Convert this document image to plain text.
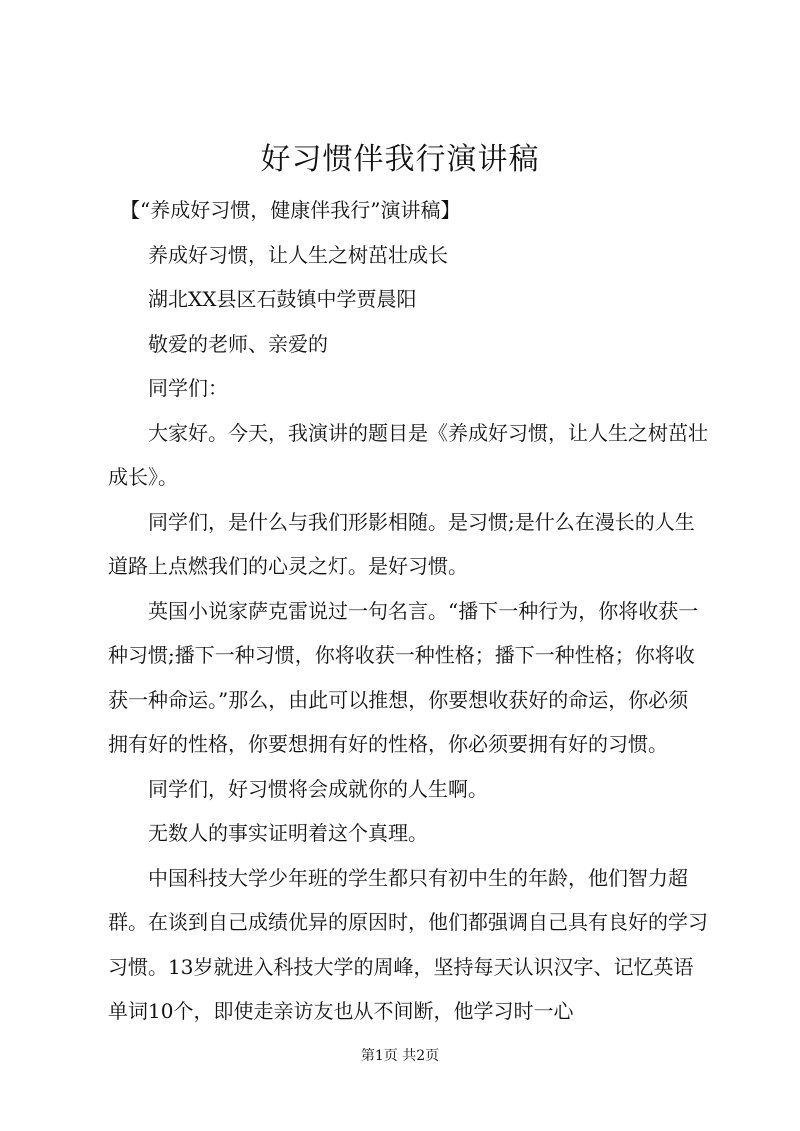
好习惯伴我行演讲稿

【“养成好习惯，健康伴我行”演讲稿】

养成好习惯，让人生之树茁壮成长

湖北XX县区石鼓镇中学贾晨阳

敬爱的老师、亲爱的

同学们：

大家好。今天，我演讲的题目是《养成好习惯，让人生之树茁壮成长》。

同学们，是什么与我们形影相随。是习惯;是什么在漫长的人生道路上点燃我们的心灵之灯。是好习惯。

英国小说家萨克雷说过一句名言。“播下一种行为，你将收获一种习惯;播下一种习惯，你将收获一种性格；播下一种性格；你将收获一种命运。”那么，由此可以推想，你要想收获好的命运，你必须拥有好的性格，你要想拥有好的性格，你必须要拥有好的习惯。

同学们，好习惯将会成就你的人生啊。

无数人的事实证明着这个真理。

中国科技大学少年班的学生都只有初中生的年龄，他们智力超群。在谈到自己成绩优异的原因时，他们都强调自己具有良好的学习习惯。13岁就进入科技大学的周峰，坚持每天认识汉字、记忆英语单词10个，即使走亲访友也从不间断，他学习时一心

第1页 共2页
